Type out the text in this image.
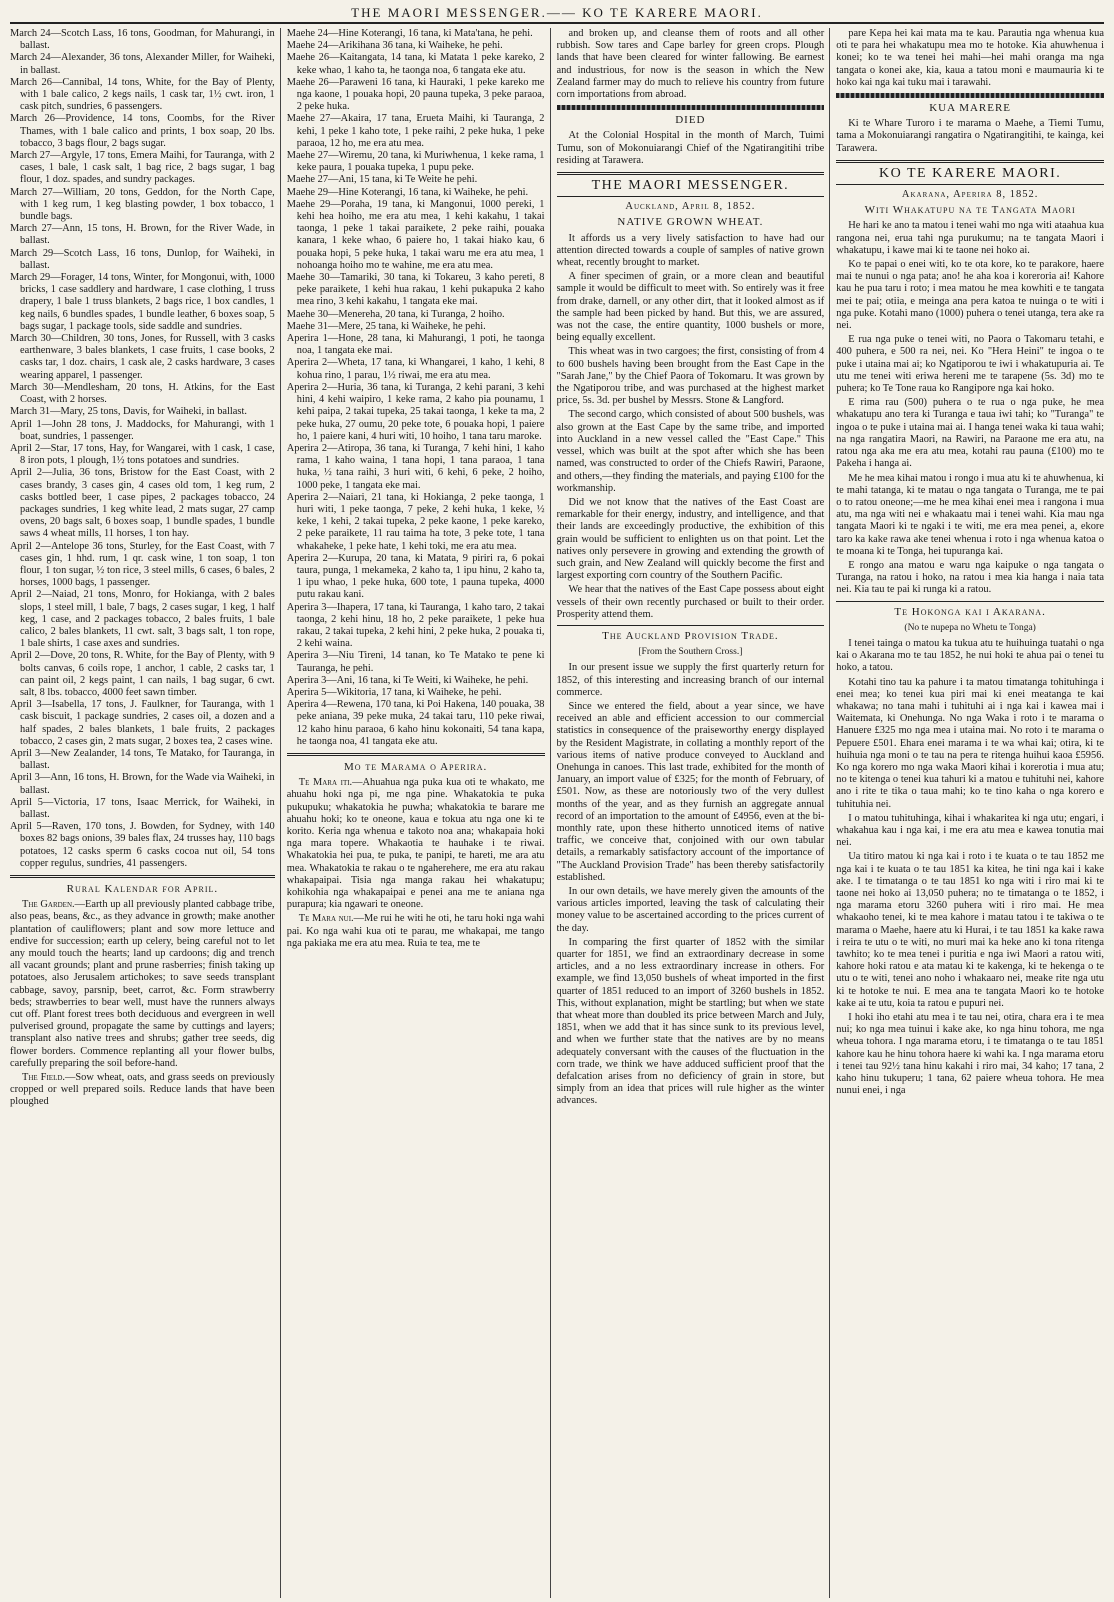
THE MAORI MESSENGER.—— KO TE KARERE MAORI.

March 24—Scotch Lass, 16 tons, Goodman, for Mahurangi, in ballast.

March 24—Alexander, 36 tons, Alexander Miller, for Waiheki, in ballast.

March 26—Cannibal, 14 tons, White, for the Bay of Plenty, with 1 bale calico, 2 kegs nails, 1 cask tar, 1½ cwt. iron, 1 cask pitch, sundries, 6 passengers.

March 26—Providence, 14 tons, Coombs, for the River Thames, with 1 bale calico and prints, 1 box soap, 20 lbs. tobacco, 3 bags flour, 2 bags sugar.

March 27—Argyle, 17 tons, Emera Maihi, for Tauranga, with 2 cases, 1 bale, 1 cask salt, 1 bag rice, 2 bags sugar, 1 bag flour, 1 doz. spades, and sundry packages.

March 27—William, 20 tons, Geddon, for the North Cape, with 1 keg rum, 1 keg blasting powder, 1 box tobacco, 1 bundle bags.

March 27—Ann, 15 tons, H. Brown, for the River Wade, in ballast.

March 29—Scotch Lass, 16 tons, Dunlop, for Waiheki, in ballast.

March 29—Forager, 14 tons, Winter, for Mongonui, with, 1000 bricks, 1 case saddlery and hardware, 1 case clothing, 1 truss drapery, 1 bale 1 truss blankets, 2 bags rice, 1 box candles, 1 keg nails, 6 bundles spades, 1 bundle leather, 6 boxes soap, 5 bags sugar, 1 package tools, side saddle and sundries.

March 30—Children, 30 tons, Jones, for Russell, with 3 casks earthenware, 3 bales blankets, 1 case fruits, 1 case books, 2 casks tar, 1 doz. chairs, 1 cask ale, 2 casks hardware, 3 cases wearing apparel, 1 passenger.

March 30—Mendlesham, 20 tons, H. Atkins, for the East Coast, with 2 horses.

March 31—Mary, 25 tons, Davis, for Waiheki, in ballast.

April 1—John 28 tons, J. Maddocks, for Mahurangi, with 1 boat, sundries, 1 passenger.

April 2—Star, 17 tons, Hay, for Wangarei, with 1 cask, 1 case, 8 iron pots, 1 plough, 1½ tons potatoes and sundries.

April 2—Julia, 36 tons, Bristow for the East Coast, with 2 cases brandy, 3 cases gin, 4 cases old tom, 1 keg rum, 2 casks bottled beer, 1 case pipes, 2 packages tobacco, 24 packages sundries, 1 keg white lead, 2 mats sugar, 27 camp ovens, 20 bags salt, 6 boxes soap, 1 bundle spades, 1 bundle saws 4 wheat mills, 11 horses, 1 ton hay.

April 2—Antelope 36 tons, Sturley, for the East Coast, with 7 cases gin, 1 hhd. rum, 1 qr. cask wine, 1 ton soap, 1 ton flour, 1 ton sugar, ½ ton rice, 3 steel mills, 6 cases, 6 bales, 2 horses, 1000 bags, 1 passenger.

April 2—Naiad, 21 tons, Monro, for Hokianga, with 2 bales slops, 1 steel mill, 1 bale, 7 bags, 2 cases sugar, 1 keg, 1 half keg, 1 case, and 2 packages tobacco, 2 bales fruits, 1 bale calico, 2 bales blankets, 11 cwt. salt, 3 bags salt, 1 ton rope, 1 bale shirts, 1 case axes and sundries.

April 2—Dove, 20 tons, R. White, for the Bay of Plenty, with 9 bolts canvas, 6 coils rope, 1 anchor, 1 cable, 2 casks tar, 1 can paint oil, 2 kegs paint, 1 can nails, 1 bag sugar, 6 cwt. salt, 8 lbs. tobacco, 4000 feet sawn timber.

April 3—Isabella, 17 tons, J. Faulkner, for Tauranga, with 1 cask biscuit, 1 package sundries, 2 cases oil, a dozen and a half spades, 2 bales blankets, 1 bale fruits, 2 packages tobacco, 2 cases gin, 2 mats sugar, 2 boxes tea, 2 cases wine.

April 3—New Zealander, 14 tons, Te Matako, for Tauranga, in ballast.

April 3—Ann, 16 tons, H. Brown, for the Wade via Waiheki, in ballast.

April 5—Victoria, 17 tons, Isaac Merrick, for Waiheki, in ballast.

April 5—Raven, 170 tons, J. Bowden, for Sydney, with 140 boxes 82 bags onions, 39 bales flax, 24 trusses hay, 110 bags potatoes, 12 casks sperm 6 casks cocoa nut oil, 54 tons copper regulus, sundries, 41 passengers.

Rural Kalendar for April.

The Garden.—Earth up all previously planted cabbage tribe, also peas, beans, &c., as they advance in growth; make another plantation of cauliflowers; plant and sow more lettuce and endive for succession; earth up celery, being careful not to let any mould touch the hearts; land up cardoons; dig and trench all vacant grounds; plant and prune rasberries; finish taking up potatoes, also Jerusalem artichokes; to save seeds transplant cabbage, savoy, parsnip, beet, carrot, &c. Form strawberry beds; strawberries to bear well, must have the runners always cut off. Plant forest trees both deciduous and evergreen in well pulverised ground, propagate the same by cuttings and layers; transplant also native trees and shrubs; gather tree seeds, dig flower borders. Commence replanting all your flower bulbs, carefully preparing the soil before-hand.

The Field.—Sow wheat, oats, and grass seeds on previously cropped or well prepared soils. Reduce lands that have been ploughed

Maehe 24—Hine Koterangi, 16 tana, ki Mata'tana, he pehi.

Maehe 24—Arikihana 36 tana, ki Waiheke, he pehi.

Maehe 26—Kaitangata, 14 tana, ki Matata 1 peke kareko, 2 keke whao, 1 kaho ta, he taonga noa, 6 tangata eke atu.

Maehe 26—Paraweni 16 tana, ki Hauraki, 1 peke kareko me nga kaone, 1 pouaka hopi, 20 pauna tupeka, 3 peke paraoa, 2 peke huka.

Maehe 27—Akaira, 17 tana, Erueta Maihi, ki Tauranga, 2 kehi, 1 peke 1 kaho tote, 1 peke raihi, 2 peke huka, 1 peke paraoa, 12 ho, me era atu mea.

Maehe 27—Wiremu, 20 tana, ki Muriwhenua, 1 keke rama, 1 keke paura, 1 pouaka tupeka, 1 pupu peke.

Maehe 27—Ani, 15 tana, ki Te Weite he pehi.

Maehe 29—Hine Koterangi, 16 tana, ki Waiheke, he pehi.

Maehe 29—Poraha, 19 tana, ki Mangonui, 1000 pereki, 1 kehi hea hoiho, me era atu mea, 1 kehi kakahu, 1 takai taonga, 1 peke 1 takai paraikete, 2 peke raihi, pouaka kanara, 1 keke whao, 6 paiere ho, 1 takai hiako kau, 6 pouaka hopi, 5 peke huka, 1 takai waru me era atu mea, 1 nohoanga hoiho mo te wahine, me era atu mea.

Maehe 30—Tamariki, 30 tana, ki Tokareu, 3 kaho pereti, 8 peke paraikete, 1 kehi hua rakau, 1 kehi pukapuka 2 kaho mea rino, 3 kehi kakahu, 1 tangata eke mai.

Maehe 30—Menereha, 20 tana, ki Turanga, 2 hoiho.

Maehe 31—Mere, 25 tana, ki Waiheke, he pehi.

Aperira 1—Hone, 28 tana, ki Mahurangi, 1 poti, he taonga noa, 1 tangata eke mai.

Aperira 2—Wheta, 17 tana, ki Whangarei, 1 kaho, 1 kehi, 8 kohua rino, 1 parau, 1½ riwai, me era atu mea.

Aperira 2—Huria, 36 tana, ki Turanga, 2 kehi parani, 3 kehi hini, 4 kehi waipiro, 1 keke rama, 2 kaho pia pounamu, 1 kehi paipa, 2 takai tupeka, 25 takai taonga, 1 keke ta ma, 2 peke huka, 27 oumu, 20 peke tote, 6 pouaka hopi, 1 paiere ho, 1 paiere kani, 4 huri witi, 10 hoiho, 1 tana taru maroke.

Aperira 2—Atiropa, 36 tana, ki Turanga, 7 kehi hini, 1 kaho rama, 1 kaho waina, 1 tana hopi, 1 tana paraoa, 1 tana huka, ½ tana raihi, 3 huri witi, 6 kehi, 6 peke, 2 hoiho, 1000 peke, 1 tangata eke mai.

Aperira 2—Naiari, 21 tana, ki Hokianga, 2 peke taonga, 1 huri witi, 1 peke taonga, 7 peke, 2 kehi huka, 1 keke, ½ keke, 1 kehi, 2 takai tupeka, 2 peke kaone, 1 peke kareko, 2 peke paraikete, 11 rau taima ha tote, 3 peke tote, 1 tana whakaheke, 1 peke hate, 1 kehi toki, me era atu mea.

Aperira 2—Kurupa, 20 tana, ki Matata, 9 piriri ra, 6 pokai taura, punga, 1 mekameka, 2 kaho ta, 1 ipu hinu, 2 kaho ta, 1 ipu whao, 1 peke huka, 600 tote, 1 pauna tupeka, 4000 putu rakau kani.

Aperira 3—Ihapera, 17 tana, ki Tauranga, 1 kaho taro, 2 takai taonga, 2 kehi hinu, 18 ho, 2 peke paraikete, 1 peke hua rakau, 2 takai tupeka, 2 kehi hini, 2 peke huka, 2 pouaka ti, 2 kehi waina.

Aperira 3—Niu Tireni, 14 tanan, ko Te Matako te pene ki Tauranga, he pehi.

Aperira 3—Ani, 16 tana, ki Te Weiti, ki Waiheke, he pehi.

Aperira 5—Wikitoria, 17 tana, ki Waiheke, he pehi.

Aperira 4—Rewena, 170 tana, ki Poi Hakena, 140 pouaka, 38 peke aniana, 39 peke muka, 24 takai taru, 110 peke riwai, 12 kaho hinu paraoa, 6 kaho hinu kokonaiti, 54 tana kapa, he taonga noa, 41 tangata eke atu.

Mo te Marama o Aperira.

Te Mara iti.—Ahuahua nga puka kua oti te whakato, me ahuahu hoki nga pi, me nga pine. Whakatokia te puka pukupuku; whakatokia he puwha; whakatokia te barare me ahuahu hoki; ko te oneone, kaua e tokua atu nga one ki te korito. Keria nga whenua e takoto noa ana; whakapaia hoki nga mara topere. Whakaotia te hauhake i te riwai. Whakatokia hei pua, te puka, te panipi, te hareti, me ara atu mea. Whakatokia te rakau o te ngaherehere, me era atu rakau whakapaipai. Tisia nga manga rakau hei whakatupu; kohikohia nga whakapaipai e penei ana me te aniana nga purapura; kia ngawari te oneone.

Te Mara nui.—Me rui he witi he oti, he taru hoki nga wahi pai. Ko nga wahi kua oti te parau, me whakapai, me tango nga pakiaka me era atu mea. Ruia te tea, me te

and broken up, and cleanse them of roots and all other rubbish. Sow tares and Cape barley for green crops. Plough lands that have been cleared for winter fallowing. Be earnest and industrious, for now is the season in which the New Zealand farmer may do much to relieve his country from future corn importations from abroad.

DIED

At the Colonial Hospital in the month of March, Tuimi Tumu, son of Mokonuiarangi Chief of the Ngatirangitihi tribe residing at Tarawera.

THE MAORI MESSENGER.
Auckland, April 8, 1852.
NATIVE GROWN WHEAT.

It affords us a very lively satisfaction to have had our attention directed towards a couple of samples of native grown wheat, recently brought to market.

A finer specimen of grain, or a more clean and beautiful sample it would be difficult to meet with. So entirely was it free from drake, darnell, or any other dirt, that it looked almost as if the sample had been picked by hand. But this, we are assured, was not the case, the entire quantity, 1000 bushels or more, being equally excellent.

This wheat was in two cargoes; the first, consisting of from 4 to 600 bushels having been brought from the East Cape in the "Sarah Jane," by the Chief Paora of Tokomaru. It was grown by the Ngatiporou tribe, and was purchased at the highest market price, 5s. 3d. per bushel by Messrs. Stone & Langford.

The second cargo, which consisted of about 500 bushels, was also grown at the East Cape by the same tribe, and imported into Auckland in a new vessel called the "East Cape." This vessel, which was built at the spot after which she has been named, was constructed to order of the Chiefs Rawiri, Paraone, and others,—they finding the materials, and paying £100 for the workmanship.

Did we not know that the natives of the East Coast are remarkable for their energy, industry, and intelligence, and that their lands are exceedingly productive, the exhibition of this grain would be sufficient to enlighten us on that point. Let the natives only persevere in growing and extending the growth of such grain, and New Zealand will quickly become the first and largest exporting corn country of the Southern Pacific.

We hear that the natives of the East Cape possess about eight vessels of their own recently purchased or built to their order. Prosperity attend them.

The Auckland Provision Trade.
[From the Southern Cross.]

In our present issue we supply the first quarterly return for 1852, of this interesting and increasing branch of our internal commerce.

Since we entered the field, about a year since, we have received an able and efficient accession to our commercial statistics in consequence of the praiseworthy energy displayed by the Resident Magistrate, in collating a monthly report of the various items of native produce conveyed to Auckland and Onehunga in canoes. This last trade, exhibited for the month of January, an import value of £325; for the month of February, of £501. Now, as these are notoriously two of the very dullest months of the year, and as they furnish an aggregate annual record of an importation to the amount of £4956, even at the bi-monthly rate, upon these hitherto unnoticed items of native traffic, we conceive that, conjoined with our own tabular details, a remarkably satisfactory account of the importance of "The Auckland Provision Trade" has been thereby satisfactorily established.

In our own details, we have merely given the amounts of the various articles imported, leaving the task of calculating their money value to be ascertained according to the prices current of the day.

In comparing the first quarter of 1852 with the similar quarter for 1851, we find an extraordinary decrease in some articles, and a no less extraordinary increase in others. For example, we find 13,050 bushels of wheat imported in the first quarter of 1851 reduced to an import of 3260 bushels in 1852. This, without explanation, might be startling; but when we state that wheat more than doubled its price between March and July, 1851, when we add that it has since sunk to its previous level, and when we further state that the natives are by no means adequately conversant with the causes of the fluctuation in the corn trade, we think we have adduced sufficient proof that the defalcation arises from no deficiency of grain in store, but simply from an idea that prices will rule higher as the winter advances.

pare Kepa hei kai mata ma te kau. Parautia nga whenua kua oti te para hei whakatupu mea mo te hotoke. Kia ahuwhenua i konei; ko te wa tenei hei mahi—hei mahi oranga ma nga tangata o konei ake, kia, kaua a tatou moni e maumauria ki te hoko kai nga kai tuku mai i tarawahi.

KUA MARERE

Ki te Whare Turoro i te marama o Maehe, a Tiemi Tumu, tama a Mokonuiarangi rangatira o Ngatirangitihi, te kainga, kei Tarawera.

KO TE KARERE MAORI.
Akarana, Aperira 8, 1852.
Witi Whakatupu na te Tangata Maori

He hari ke ano ta matou i tenei wahi mo nga witi ataahua kua rangona nei, erua tahi nga purukumu; na te tangata Maori i whakatupu, i kawe mai ki te taone nei hoko ai.

Ko te papai o enei witi, ko te ota kore, ko te parakore, haere mai te nunui o nga pata; ano! he aha koa i koreroria ai! Kahore kau he pua taru i roto; i mea matou he mea kowhiti e te tangata mei te pai; otiia, e meinga ana pera katoa te nuinga o te witi i nga puke. Kotahi mano (1000) puhera o tenei utanga, tera ake ra nei.

E rua nga puke o tenei witi, no Paora o Takomaru tetahi, e 400 puhera, e 500 ra nei, nei. Ko "Hera Heini" te ingoa o te puke i utaina mai ai; ko Ngatiporou te iwi i whakatupuria ai. Te utu me tenei witi eriwa hereni me te tarapene (5s. 3d) mo te puhera; ko Te Tone raua ko Rangipore nga kai hoko.

E rima rau (500) puhera o te rua o nga puke, he mea whakatupu ano tera ki Turanga e taua iwi tahi; ko "Turanga" te ingoa o te puke i utaina mai ai. I hanga tenei waka ki taua wahi; na nga rangatira Maori, na Rawiri, na Paraone me era atu, na ratou nga aka me era atu mea, kotahi rau pauna (£100) mo te Pakeha i hanga ai.

Me he mea kihai matou i rongo i mua atu ki te ahuwhenua, ki te mahi tatanga, ki te matau o nga tangata o Turanga, me te pai o to ratou oneone;—me he mea kihai enei mea i rangona i mua atu, ma nga witi nei e whakaatu mai i tenei wahi. Kia mau nga tangata Maori ki te ngaki i te witi, me era mea penei, a, ekore taro ka kake rawa ake tenei whenua i roto i nga whenua katoa o te moana ki te Tonga, hei tupuranga kai.

E rongo ana matou e waru nga kaipuke o nga tangata o Turanga, na ratou i hoko, na ratou i mea kia hanga i naia tata nei. Kia tau te pai ki runga ki a ratou.

Te Hokonga kai i Akarana.
(No te nupepa no Whetu te Tonga)

I tenei tainga o matou ka tukua atu te huihuinga tuatahi o nga kai o Akarana mo te tau 1852, he nui hoki te ahua pai o tenei tu hoko, a tatou.

Kotahi tino tau ka pahure i ta matou timatanga tohituhinga i enei mea; ko tenei kua piri mai ki enei meatanga te kai whakawa; no tana mahi i tuhituhi ai i nga kai i kawea mai i Waitemata, ki Onehunga. No nga Waka i roto i te marama o Hanuere £325 mo nga mea i utaina mai. No roto i te marama o Pepuere £501. Ehara enei marama i te wa whai kai; otira, ki te huihuia nga moni o te tau na pera te ritenga huihui kaoa £5956. Ko nga korero mo nga waka Maori kihai i korerotia i mua atu; no te kitenga o tenei kua tahuri ki a matou e tuhituhi nei, kahore ano i rite te tika o taua mahi; ko te tino kaha o nga korero e tuhituhia nei.

I o matou tuhituhinga, kihai i whakaritea ki nga utu; engari, i whakahua kau i nga kai, i me era atu mea e kawea tonutia mai nei.

Ua titiro matou ki nga kai i roto i te kuata o te tau 1852 me nga kai i te kuata o te tau 1851 ka kitea, he tini nga kai i kake ake. I te timatanga o te tau 1851 ko nga witi i riro mai ki te taone nei hoko ai 13,050 puhera; no te timatanga o te 1852, i nga marama etoru 3260 puhera witi i riro mai. He mea whakaoho tenei, ki te mea kahore i matau tatou i te takiwa o te marama o Maehe, haere atu ki Hurai, i te tau 1851 ka kake rawa i reira te utu o te witi, no muri mai ka heke ano ki tona ritenga tawhito; ko te mea tenei i puritia e nga iwi Maori a ratou witi, kahore hoki ratou e ata matau ki te kakenga, ki te hekenga o te utu o te witi, tenei ano noho i whakaaro nei, meake rite nga utu ki te hotoke te nui. E mea ana te tangata Maori ko te hotoke kake ai te utu, koia ta ratou e pupuri nei.

I hoki iho etahi atu mea i te tau nei, otira, chara era i te mea nui; ko nga mea tuinui i kake ake, ko nga hinu tohora, me nga wheua tohora. I nga marama etoru, i te timatanga o te tau 1851 kahore kau he hinu tohora haere ki wahi ka. I nga marama etoru i tenei tau 92½ tana hinu kakahi i riro mai, 34 kaho; 17 tana, 2 kaho hinu tukuperu; 1 tana, 62 paiere wheua tohora. He mea nunui enei, i nga
